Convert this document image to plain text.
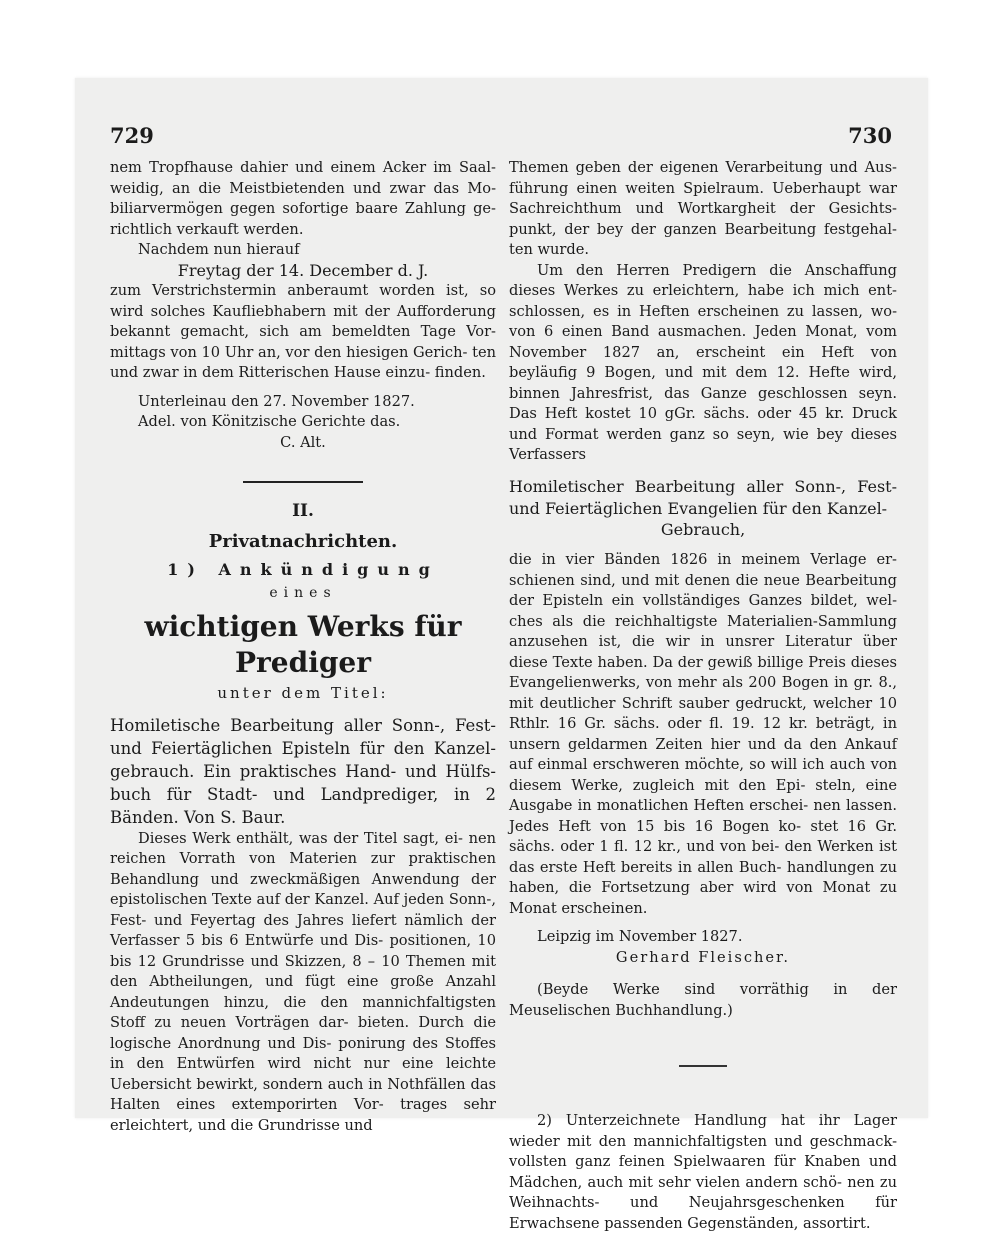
729	730

nem Tropfhause dahier und einem Acker im Saal- weidig, an die Meistbietenden und zwar das Mo- biliarvermögen gegen sofortige baare Zahlung ge- richtlich verkauft werden.

Nachdem nun hierauf

Freytag der 14. December d. J.

zum Verstrichstermin anberaumt worden ist, so wird solches Kaufliebhabern mit der Aufforderung bekannt gemacht, sich am bemeldten Tage Vor- mittags von 10 Uhr an, vor den hiesigen Gerich- ten und zwar in dem Ritterischen Hause einzu- finden.

Unterleinau den 27. November 1827.

Adel. von Könitzische Gerichte das.

C. Alt.

II.
Privatnachrichten.
1) Ankündigung
eines
wichtigen Werks für Prediger
unter dem Titel:

Homiletische Bearbeitung aller Sonn-, Fest- und Feiertäglichen Episteln für den Kanzel- gebrauch. Ein praktisches Hand- und Hülfs- buch für Stadt- und Landprediger, in 2 Bänden. Von S. Baur.

Dieses Werk enthält, was der Titel sagt, ei- nen reichen Vorrath von Materien zur praktischen Behandlung und zweckmäßigen Anwendung der epistolischen Texte auf der Kanzel. Auf jeden Sonn-, Fest- und Feyertag des Jahres liefert nämlich der Verfasser 5 bis 6 Entwürfe und Dis- positionen, 10 bis 12 Grundrisse und Skizzen, 8 – 10 Themen mit den Abtheilungen, und fügt eine große Anzahl Andeutungen hinzu, die den mannichfaltigsten Stoff zu neuen Vorträgen dar- bieten. Durch die logische Anordnung und Dis- ponirung des Stoffes in den Entwürfen wird nicht nur eine leichte Uebersicht bewirkt, sondern auch in Nothfällen das Halten eines extemporirten Vor- trages sehr erleichtert, und die Grundrisse und

Themen geben der eigenen Verarbeitung und Aus- führung einen weiten Spielraum. Ueberhaupt war Sachreichthum und Wortkargheit der Gesichts- punkt, der bey der ganzen Bearbeitung festgehal- ten wurde.

Um den Herren Predigern die Anschaffung dieses Werkes zu erleichtern, habe ich mich ent- schlossen, es in Heften erscheinen zu lassen, wo- von 6 einen Band ausmachen. Jeden Monat, vom November 1827 an, erscheint ein Heft von beyläufig 9 Bogen, und mit dem 12. Hefte wird, binnen Jahresfrist, das Ganze geschlossen seyn. Das Heft kostet 10 gGr. sächs. oder 45 kr. Druck und Format werden ganz so seyn, wie bey dieses Verfassers

Homiletischer Bearbeitung aller Sonn-, Fest- und Feiertäglichen Evangelien für den Kanzel-

Gebrauch,

die in vier Bänden 1826 in meinem Verlage er- schienen sind, und mit denen die neue Bearbeitung der Episteln ein vollständiges Ganzes bildet, wel- ches als die reichhaltigste Materialien-Sammlung anzusehen ist, die wir in unsrer Literatur über diese Texte haben. Da der gewiß billige Preis dieses Evangelienwerks, von mehr als 200 Bogen in gr. 8., mit deutlicher Schrift sauber gedruckt, welcher 10 Rthlr. 16 Gr. sächs. oder fl. 19. 12 kr. beträgt, in unsern geldarmen Zeiten hier und da den Ankauf auf einmal erschweren möchte, so will ich auch von diesem Werke, zugleich mit den Epi- steln, eine Ausgabe in monatlichen Heften erschei- nen lassen. Jedes Heft von 15 bis 16 Bogen ko- stet 16 Gr. sächs. oder 1 fl. 12 kr., und von bei- den Werken ist das erste Heft bereits in allen Buch- handlungen zu haben, die Fortsetzung aber wird von Monat zu Monat erscheinen.

Leipzig im November 1827.

Gerhard Fleischer.

(Beyde Werke sind vorräthig in der Meuselischen Buchhandlung.)

2) Unterzeichnete Handlung hat ihr Lager wieder mit den mannichfaltigsten und geschmack- vollsten ganz feinen Spielwaaren für Knaben und Mädchen, auch mit sehr vielen andern schö- nen zu Weihnachts- und Neujahrsgeschenken für Erwachsene passenden Gegenständen, assortirt.
